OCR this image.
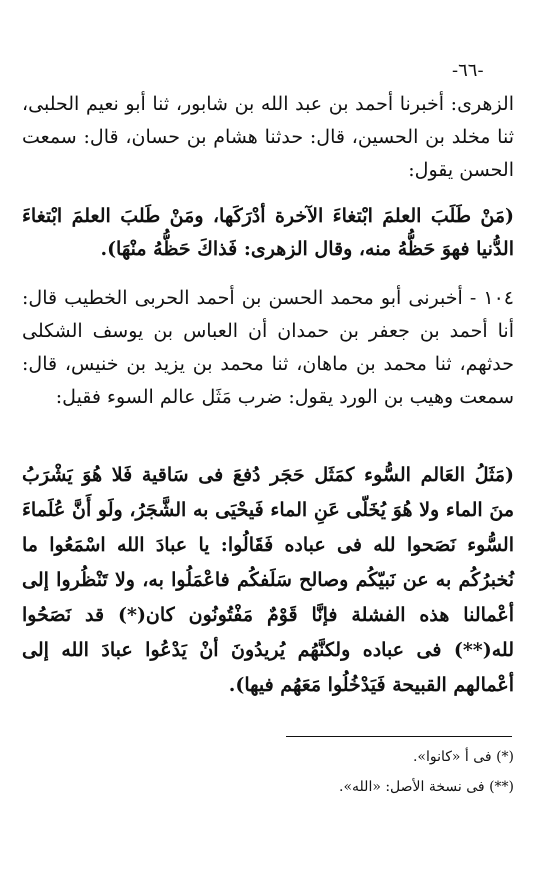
-٦٦-

الزهرى: أخبرنا أحمد بن عبد الله بن شابور، ثنا أبو نعيم الحلبى، ثنا مخلد بن الحسين، قال: حدثنا هشام بن حسان، قال: سمعت الحسن يقول:

(مَنْ طَلَبَ العلمَ ابْتغاءَ الآخرة أدْرَكَها، ومَنْ طَلبَ العلمَ ابْتغاءَ الدُّنيا فهوَ حَظُّهُ منه، وقال الزهرى: فَذاكَ حَظُّهُ منْهَا).

١٠٤ - أخبرنى أبو محمد الحسن بن أحمد الحربى الخطيب قال: أنا أحمد بن جعفر بن حمدان أن العباس بن يوسف الشكلى حدثهم، ثنا محمد بن ماهان، ثنا محمد بن يزيد بن خنيس، قال: سمعت وهيب بن الورد يقول: ضرب مَثَل عالم السوء فقيل:

(مَثَلُ العَالم السُّوء كمَثَل حَجَر دُفعَ فى سَاقية فَلا هُوَ يَشْرَبُ منَ الماء ولا هُوَ يُخَلّى عَنِ الماء فَيحْيَى به الشَّجَرُ، ولَو أَنَّ عُلَماءَ السُّوء نَصَحوا لله فى عباده فَقَالُوا: يا عبادَ الله اسْمَعُوا ما نُخبرُكُم به عن نَبيّكُم وصالح سَلَفكُم فاعْمَلُوا به، ولا تَنْظُروا إلى أعْمالنا هذه الفشلة فإنَّا قَوْمٌ مَفْتُونُون كان(*) قد نَصَحُوا لله(**) فى عباده ولكنَّهُم يُريدُونَ أنْ يَدْعُوا عبادَ الله إلى أعْمالهم القبيحة فَيَدْخُلُوا مَعَهُم فيها).

(*) فى أ «كانوا».
(**) فى نسخة الأصل: «الله».
